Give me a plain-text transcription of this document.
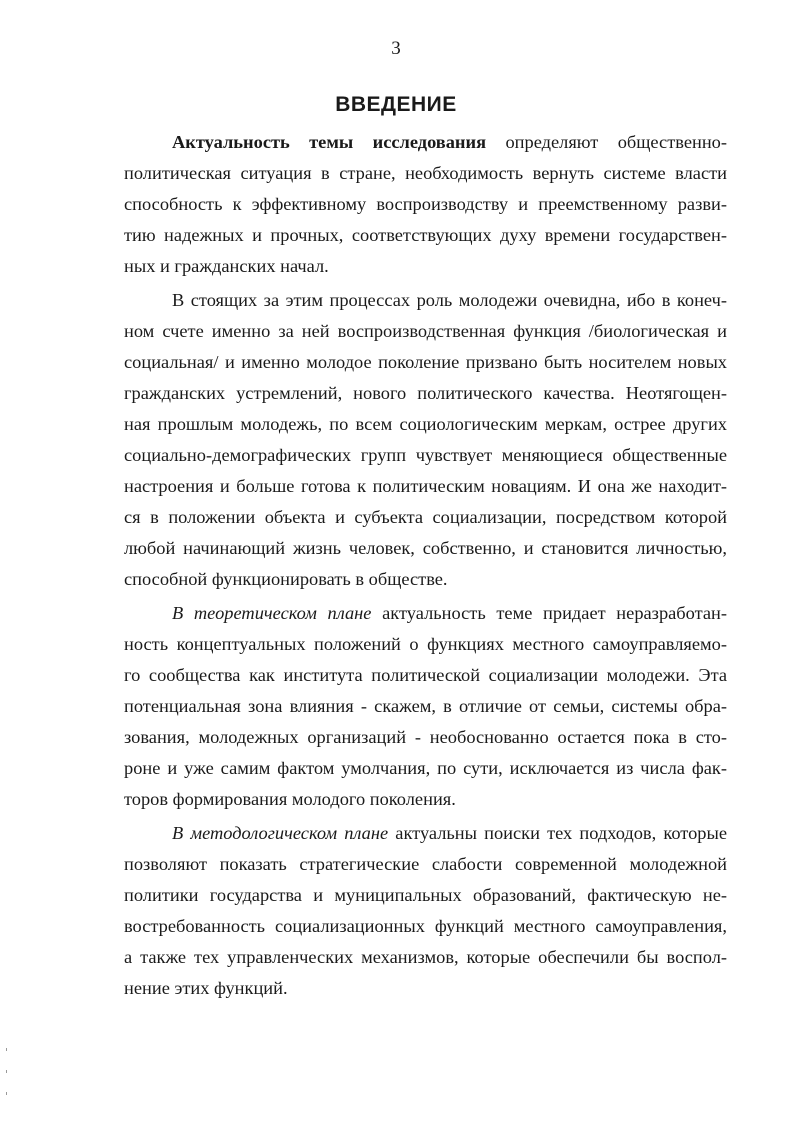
3
ВВЕДЕНИЕ
Актуальность темы исследования определяют общественно-
политическая ситуация в стране, необходимость вернуть системе власти
способность к эффективному воспроизводству и преемственному разви-
тию надежных и прочных, соответствующих духу времени государствен-
ных и гражданских начал.
В стоящих за этим процессах роль молодежи очевидна, ибо в конеч-
ном счете именно за ней воспроизводственная функция /биологическая и
социальная/ и именно молодое поколение призвано быть носителем новых
гражданских устремлений, нового политического качества. Неотягощен-
ная прошлым молодежь, по всем социологическим меркам, острее других
социально-демографических групп чувствует меняющиеся общественные
настроения и больше готова к политическим новациям. И она же находит-
ся в положении объекта и субъекта социализации, посредством которой
любой начинающий жизнь человек, собственно, и становится личностью,
способной функционировать в обществе.
В теоретическом плане актуальность теме придает неразработан-
ность концептуальных положений о функциях местного самоуправляемо-
го сообщества как института политической социализации молодежи. Эта
потенциальная зона влияния - скажем, в отличие от семьи, системы обра-
зования, молодежных организаций - необоснованно остается пока в сто-
роне и уже самим фактом умолчания, по сути, исключается из числа фак-
торов формирования молодого поколения.
В методологическом плане актуальны поиски тех подходов, которые
позволяют показать стратегические слабости современной молодежной
политики государства и муниципальных образований, фактическую не-
востребованность социализационных функций местного самоуправления,
а также тех управленческих механизмов, которые обеспечили бы воспол-
нение этих функций.
